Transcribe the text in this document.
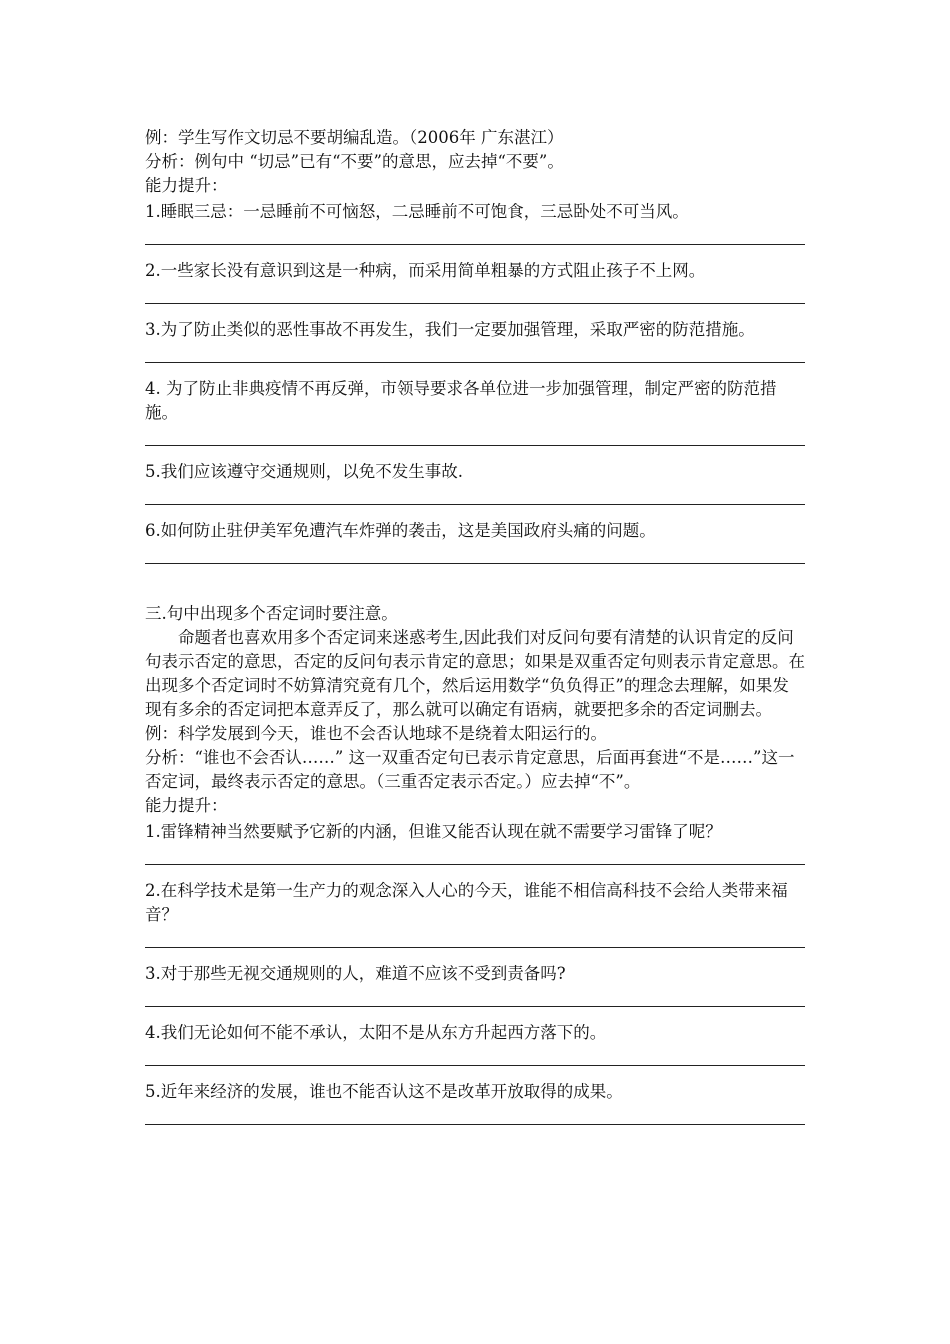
例：学生写作文切忌不要胡编乱造。（2006年 广东湛江）
分析：例句中 “切忌”已有“不要”的意思，应去掉“不要”。
能力提升：
1.睡眠三忌：一忌睡前不可恼怒，二忌睡前不可饱食，三忌卧处不可当风。
2.一些家长没有意识到这是一种病，而采用简单粗暴的方式阻止孩子不上网。
3.为了防止类似的恶性事故不再发生，我们一定要加强管理，采取严密的防范措施。
4. 为了防止非典疫情不再反弹，市领导要求各单位进一步加强管理，制定严密的防范措施。
5.我们应该遵守交通规则，以免不发生事故.
6.如何防止驻伊美军免遭汽车炸弹的袭击，这是美国政府头痛的问题。
三.句中出现多个否定词时要注意。
命题者也喜欢用多个否定词来迷惑考生,因此我们对反问句要有清楚的认识肯定的反问句表示否定的意思，否定的反问句表示肯定的意思；如果是双重否定句则表示肯定意思。在出现多个否定词时不妨算清究竟有几个，然后运用数学“负负得正”的理念去理解，如果发现有多余的否定词把本意弄反了，那么就可以确定有语病，就要把多余的否定词删去。
例：科学发展到今天，谁也不会否认地球不是绕着太阳运行的。
分析：“谁也不会否认……” 这一双重否定句已表示肯定意思，后面再套进“不是……”这一否定词，最终表示否定的意思。（三重否定表示否定。）应去掉“不”。
能力提升：
1.雷锋精神当然要赋予它新的内涵，但谁又能否认现在就不需要学习雷锋了呢？
2.在科学技术是第一生产力的观念深入人心的今天，谁能不相信高科技不会给人类带来福音？
3.对于那些无视交通规则的人，难道不应该不受到责备吗?
4.我们无论如何不能不承认，太阳不是从东方升起西方落下的。
5.近年来经济的发展，谁也不能否认这不是改革开放取得的成果。
